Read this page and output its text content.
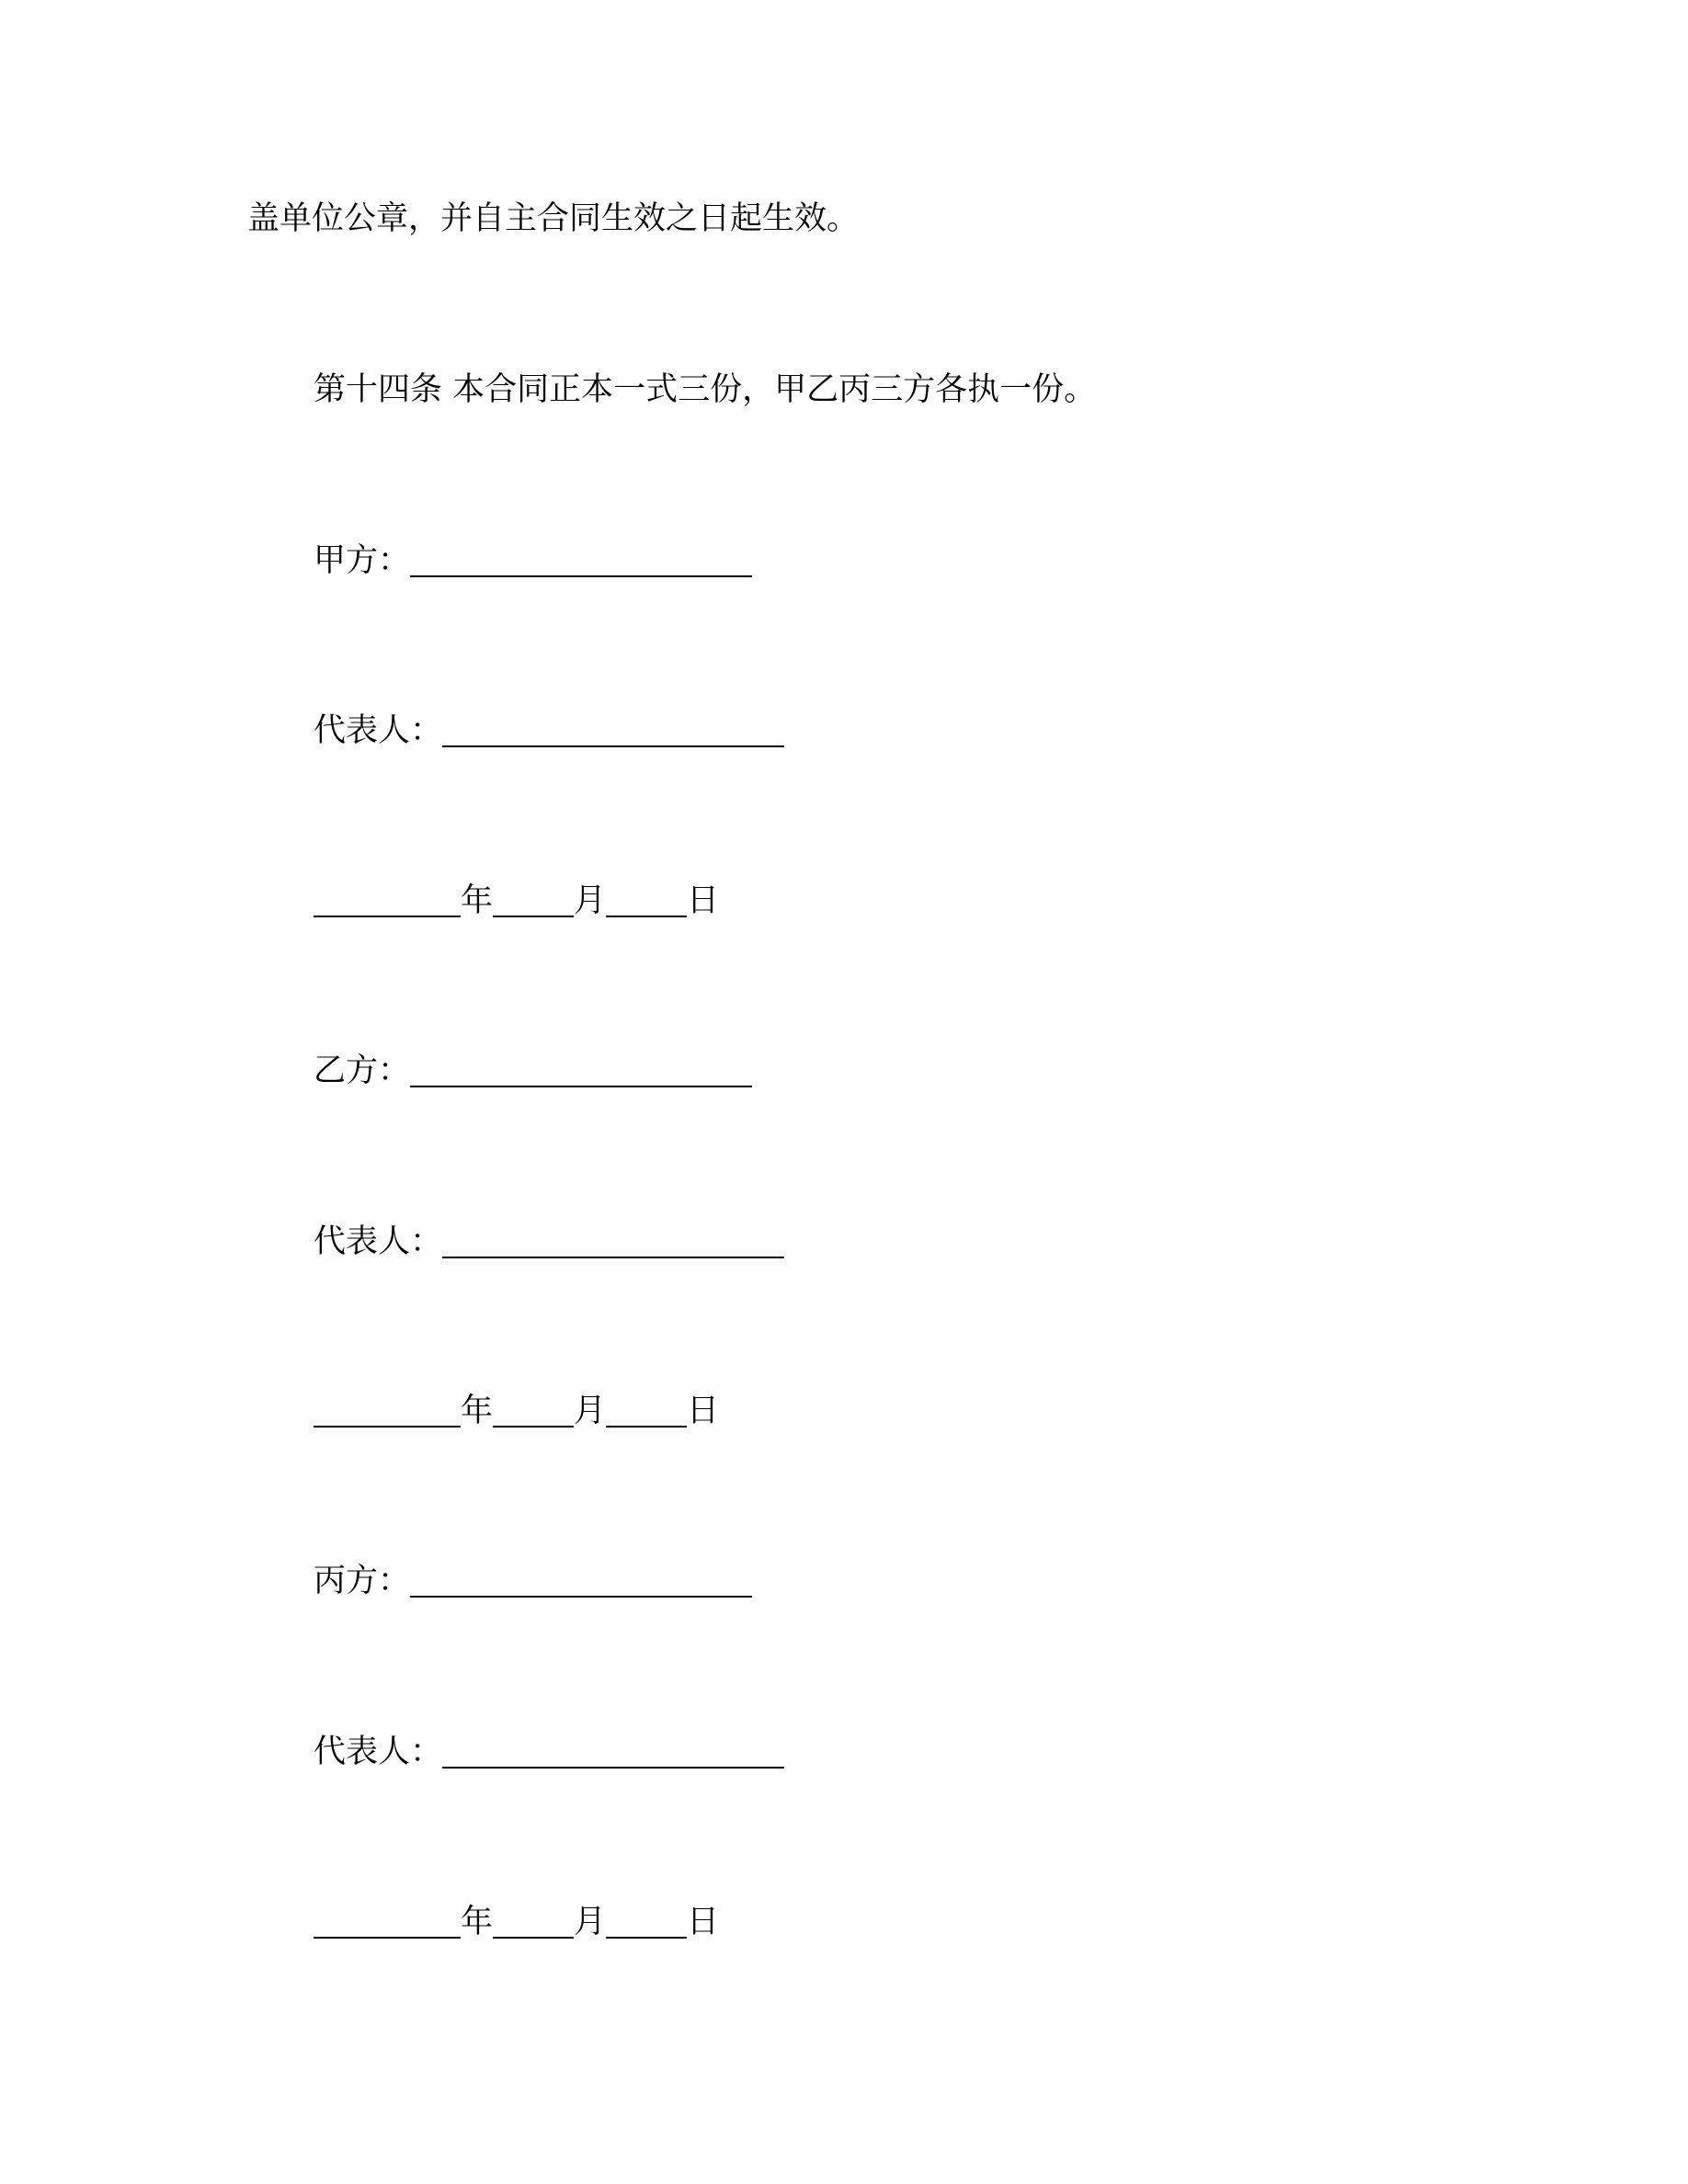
盖单位公章，并自主合同生效之日起生效。
第十四条 本合同正本一式三份，甲乙丙三方各执一份。
甲方：
代表人：
年	月	日
乙方：
代表人：
年	月	日
丙方：
代表人：
年	月	日
